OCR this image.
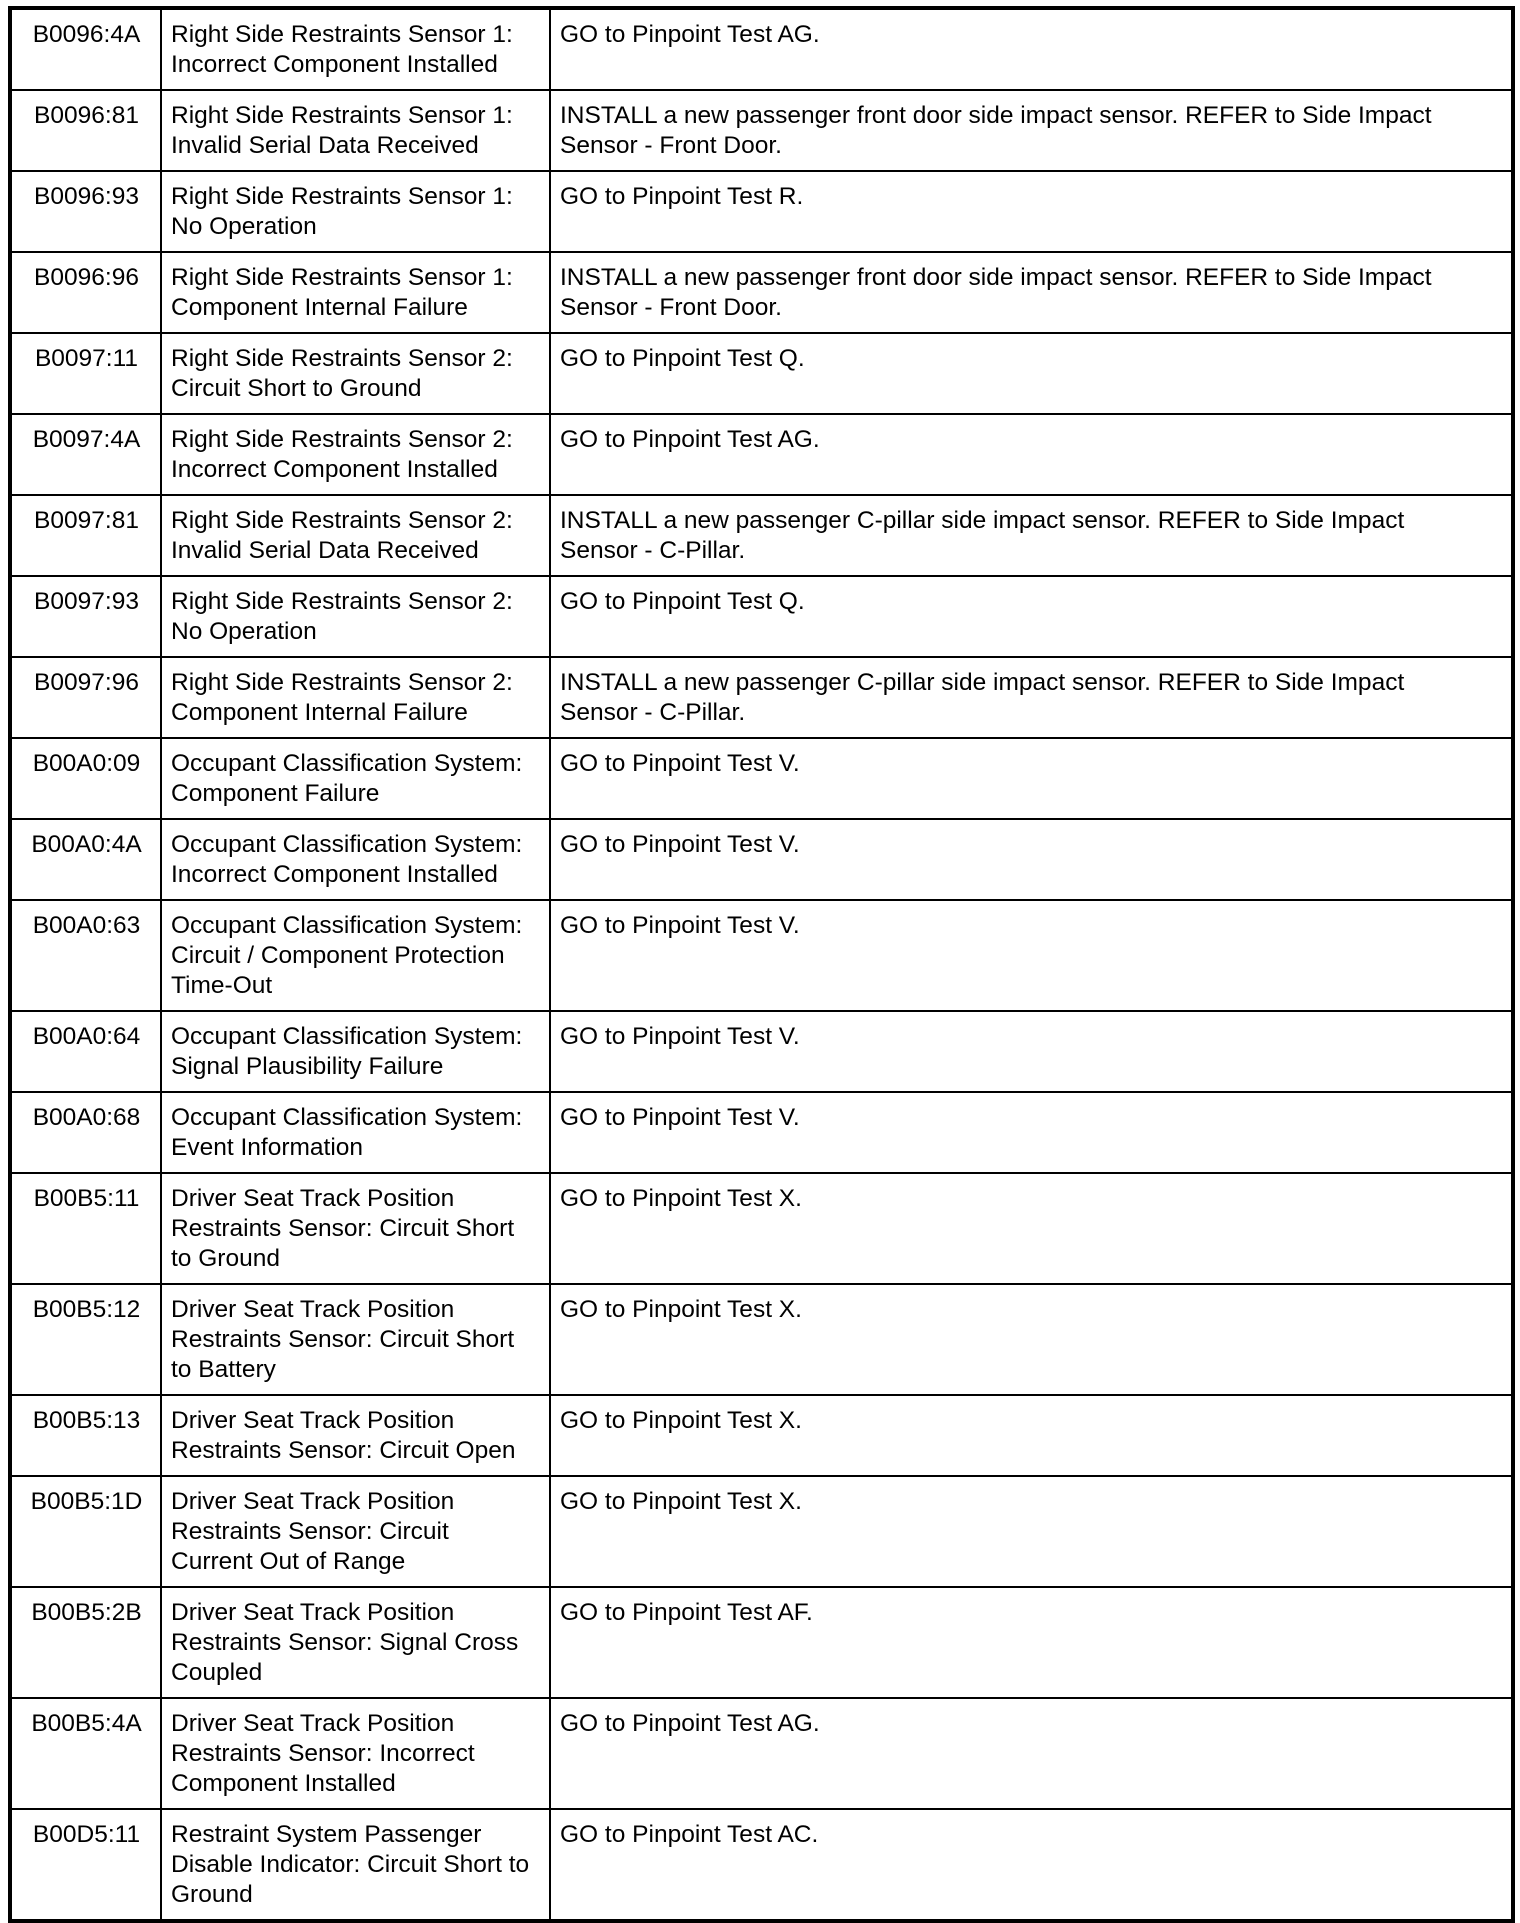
B0096:4A	Right Side Restraints Sensor 1:
Incorrect Component Installed	GO to Pinpoint Test AG.
B0096:81	Right Side Restraints Sensor 1:
Invalid Serial Data Received	INSTALL a new passenger front door side impact sensor. REFER to Side Impact
Sensor - Front Door.
B0096:93	Right Side Restraints Sensor 1:
No Operation	GO to Pinpoint Test R.
B0096:96	Right Side Restraints Sensor 1:
Component Internal Failure	INSTALL a new passenger front door side impact sensor. REFER to Side Impact
Sensor - Front Door.
B0097:11	Right Side Restraints Sensor 2:
Circuit Short to Ground	GO to Pinpoint Test Q.
B0097:4A	Right Side Restraints Sensor 2:
Incorrect Component Installed	GO to Pinpoint Test AG.
B0097:81	Right Side Restraints Sensor 2:
Invalid Serial Data Received	INSTALL a new passenger C-pillar side impact sensor. REFER to Side Impact
Sensor - C-Pillar.
B0097:93	Right Side Restraints Sensor 2:
No Operation	GO to Pinpoint Test Q.
B0097:96	Right Side Restraints Sensor 2:
Component Internal Failure	INSTALL a new passenger C-pillar side impact sensor. REFER to Side Impact
Sensor - C-Pillar.
B00A0:09	Occupant Classification System:
Component Failure	GO to Pinpoint Test V.
B00A0:4A	Occupant Classification System:
Incorrect Component Installed	GO to Pinpoint Test V.
B00A0:63	Occupant Classification System:
Circuit / Component Protection
Time-Out	GO to Pinpoint Test V.
B00A0:64	Occupant Classification System:
Signal Plausibility Failure	GO to Pinpoint Test V.
B00A0:68	Occupant Classification System:
Event Information	GO to Pinpoint Test V.
B00B5:11	Driver Seat Track Position
Restraints Sensor: Circuit Short
to Ground	GO to Pinpoint Test X.
B00B5:12	Driver Seat Track Position
Restraints Sensor: Circuit Short
to Battery	GO to Pinpoint Test X.
B00B5:13	Driver Seat Track Position
Restraints Sensor: Circuit Open	GO to Pinpoint Test X.
B00B5:1D	Driver Seat Track Position
Restraints Sensor: Circuit
Current Out of Range	GO to Pinpoint Test X.
B00B5:2B	Driver Seat Track Position
Restraints Sensor: Signal Cross
Coupled	GO to Pinpoint Test AF.
B00B5:4A	Driver Seat Track Position
Restraints Sensor: Incorrect
Component Installed	GO to Pinpoint Test AG.
B00D5:11	Restraint System Passenger
Disable Indicator: Circuit Short to
Ground	GO to Pinpoint Test AC.
